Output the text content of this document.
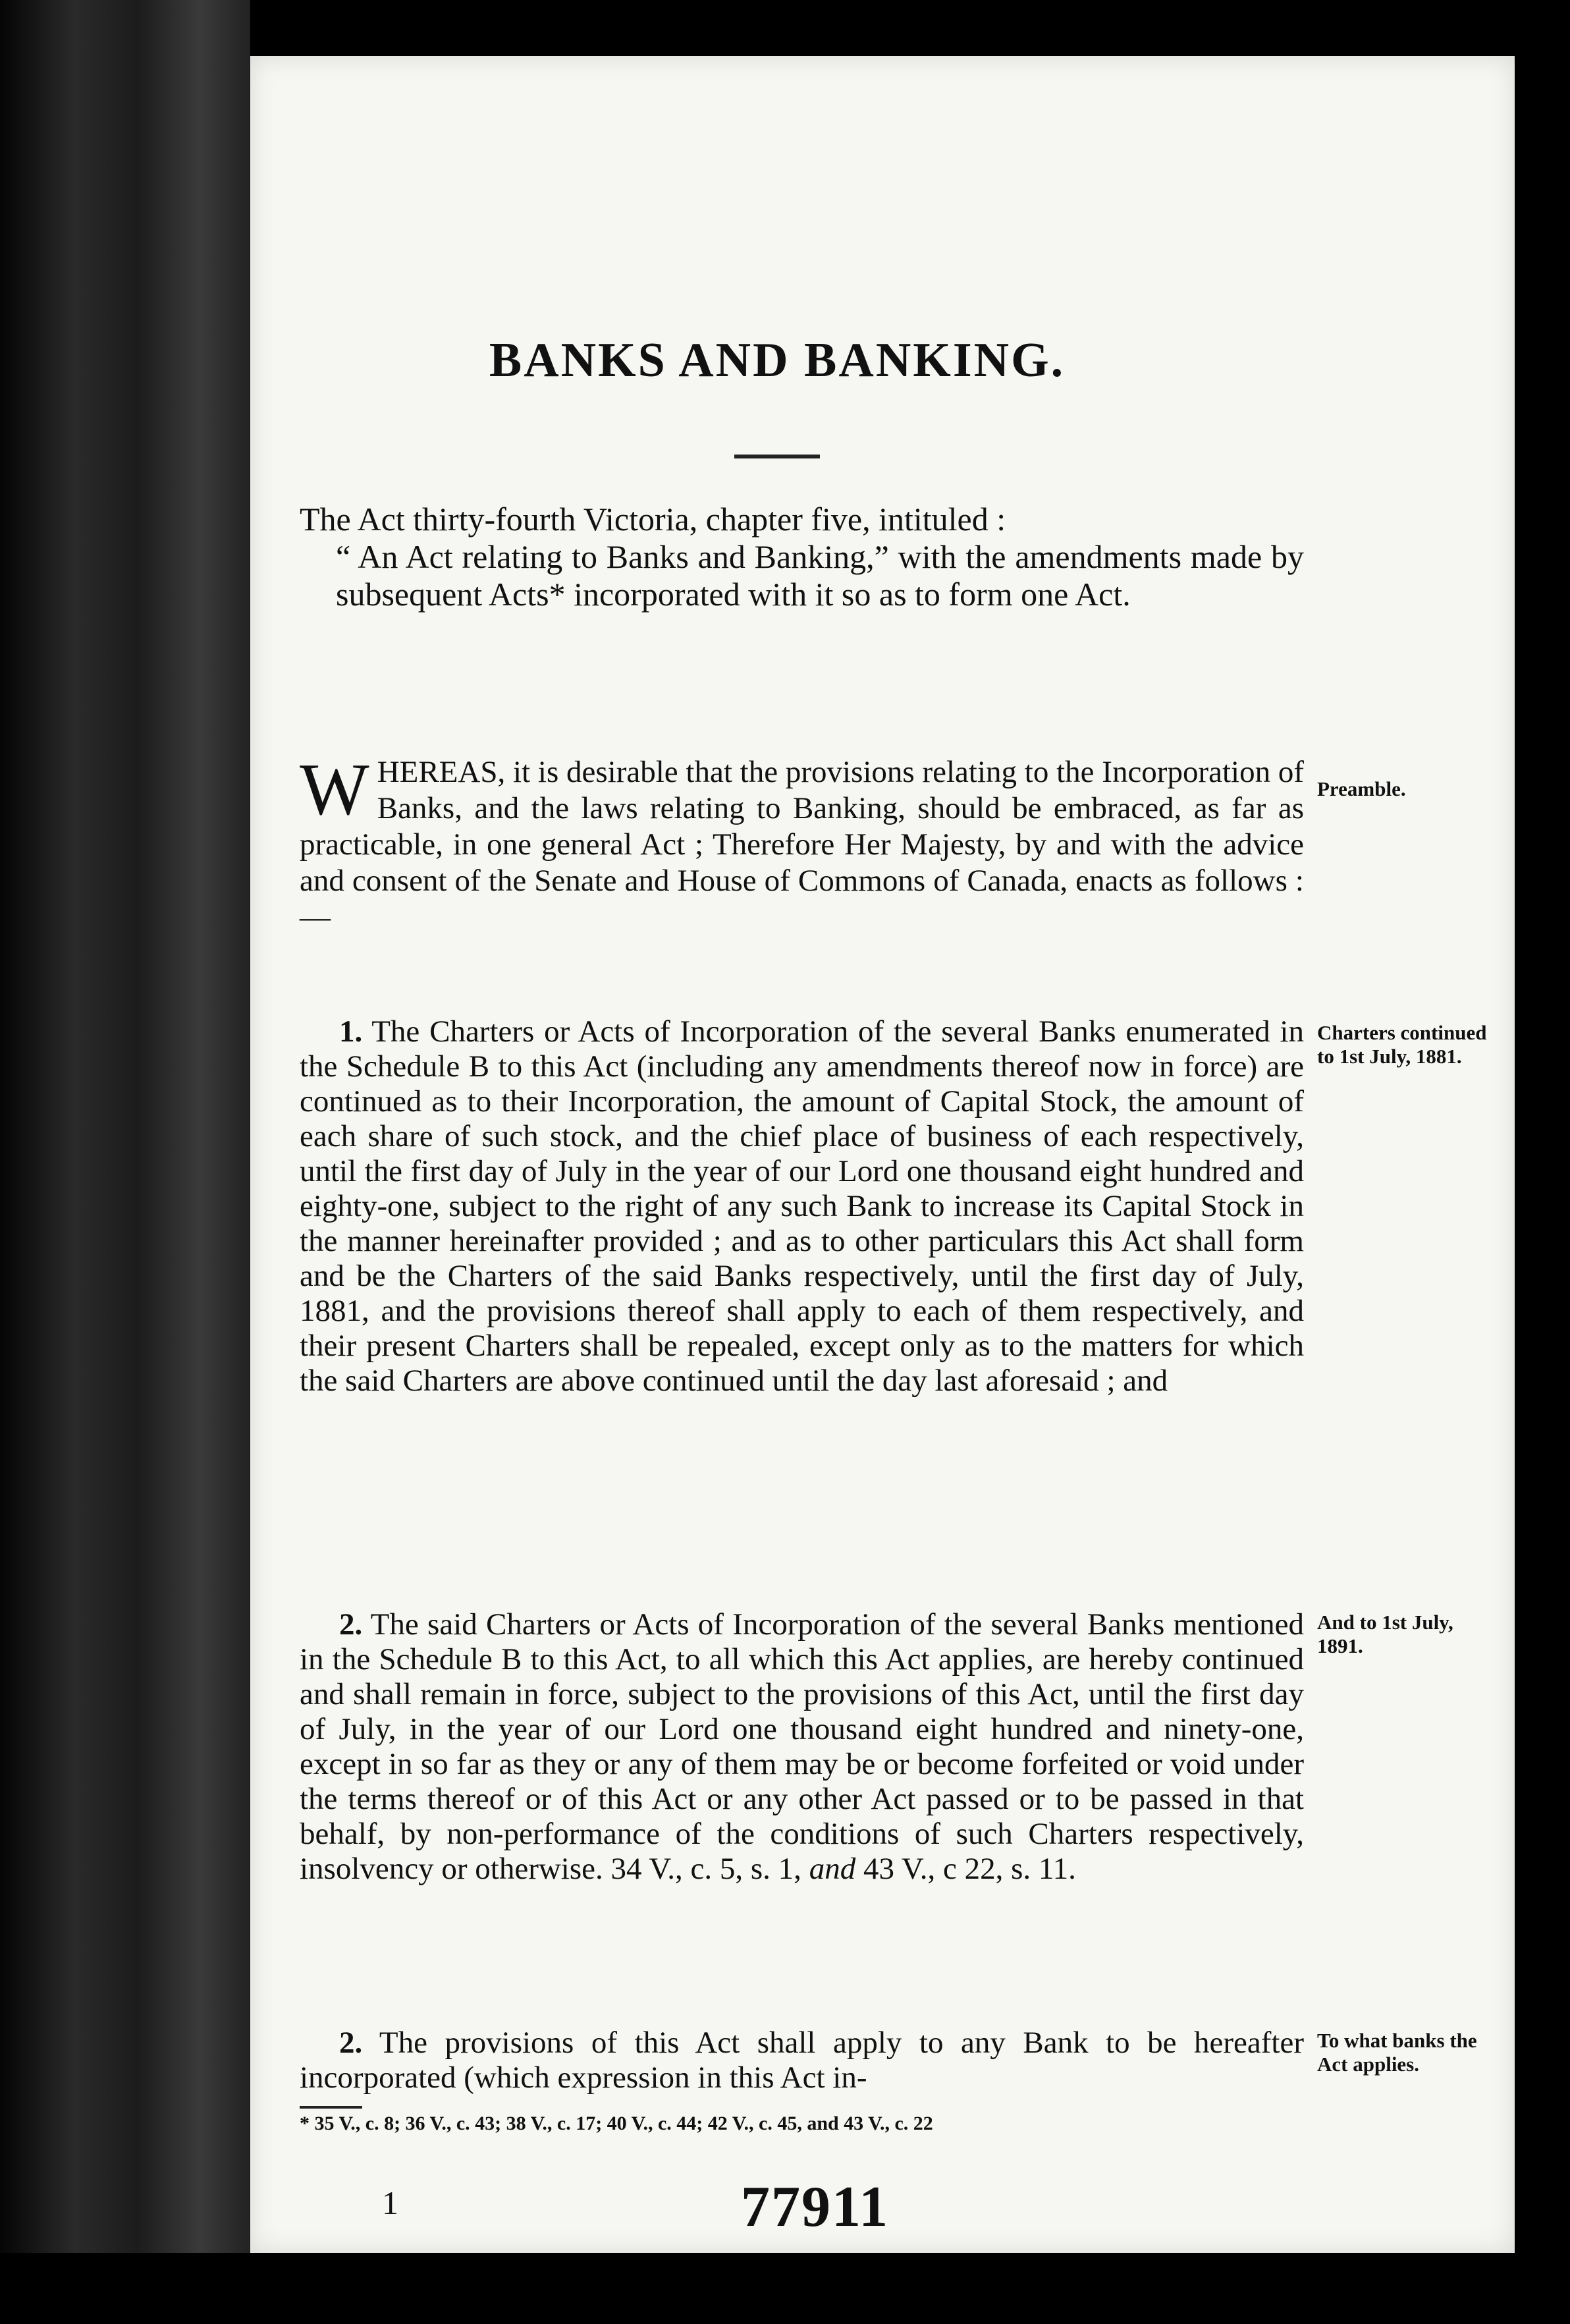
BANKS AND BANKING.
The Act thirty-fourth Victoria, chapter five, intituled :
“ An Act relating to Banks and Banking,” with the amendments made by subsequent Acts* incorporated with it so as to form one Act.
WHEREAS, it is desirable that the provisions relating to the Incorporation of Banks, and the laws relating to Banking, should be embraced, as far as practicable, in one general Act ; Therefore Her Majesty, by and with the advice and consent of the Senate and House of Commons of Canada, enacts as follows :—
1. The Charters or Acts of Incorporation of the several Banks enumerated in the Schedule B to this Act (including any amendments thereof now in force) are continued as to their Incorporation, the amount of Capital Stock, the amount of each share of such stock, and the chief place of business of each respectively, until the first day of July in the year of our Lord one thousand eight hundred and eighty-one, subject to the right of any such Bank to increase its Capital Stock in the manner hereinafter provided ; and as to other particulars this Act shall form and be the Charters of the said Banks respectively, until the first day of July, 1881, and the provisions thereof shall apply to each of them respectively, and their present Charters shall be repealed, except only as to the matters for which the said Charters are above continued until the day last aforesaid ; and
2. The said Charters or Acts of Incorporation of the several Banks mentioned in the Schedule B to this Act, to all which this Act applies, are hereby continued and shall remain in force, subject to the provisions of this Act, until the first day of July, in the year of our Lord one thousand eight hundred and ninety-one, except in so far as they or any of them may be or become forfeited or void under the terms thereof or of this Act or any other Act passed or to be passed in that behalf, by non-performance of the conditions of such Charters respectively, insolvency or otherwise. 34 V., c. 5, s. 1, and 43 V., c 22, s. 11.
2. The provisions of this Act shall apply to any Bank to be hereafter incorporated (which expression in this Act in-
Preamble.
Charters continued to 1st July, 1881.
And to 1st July, 1891.
To what banks the Act applies.
* 35 V., c. 8; 36 V., c. 43; 38 V., c. 17; 40 V., c. 44; 42 V., c. 45, and 43 V., c. 22
1	77911
